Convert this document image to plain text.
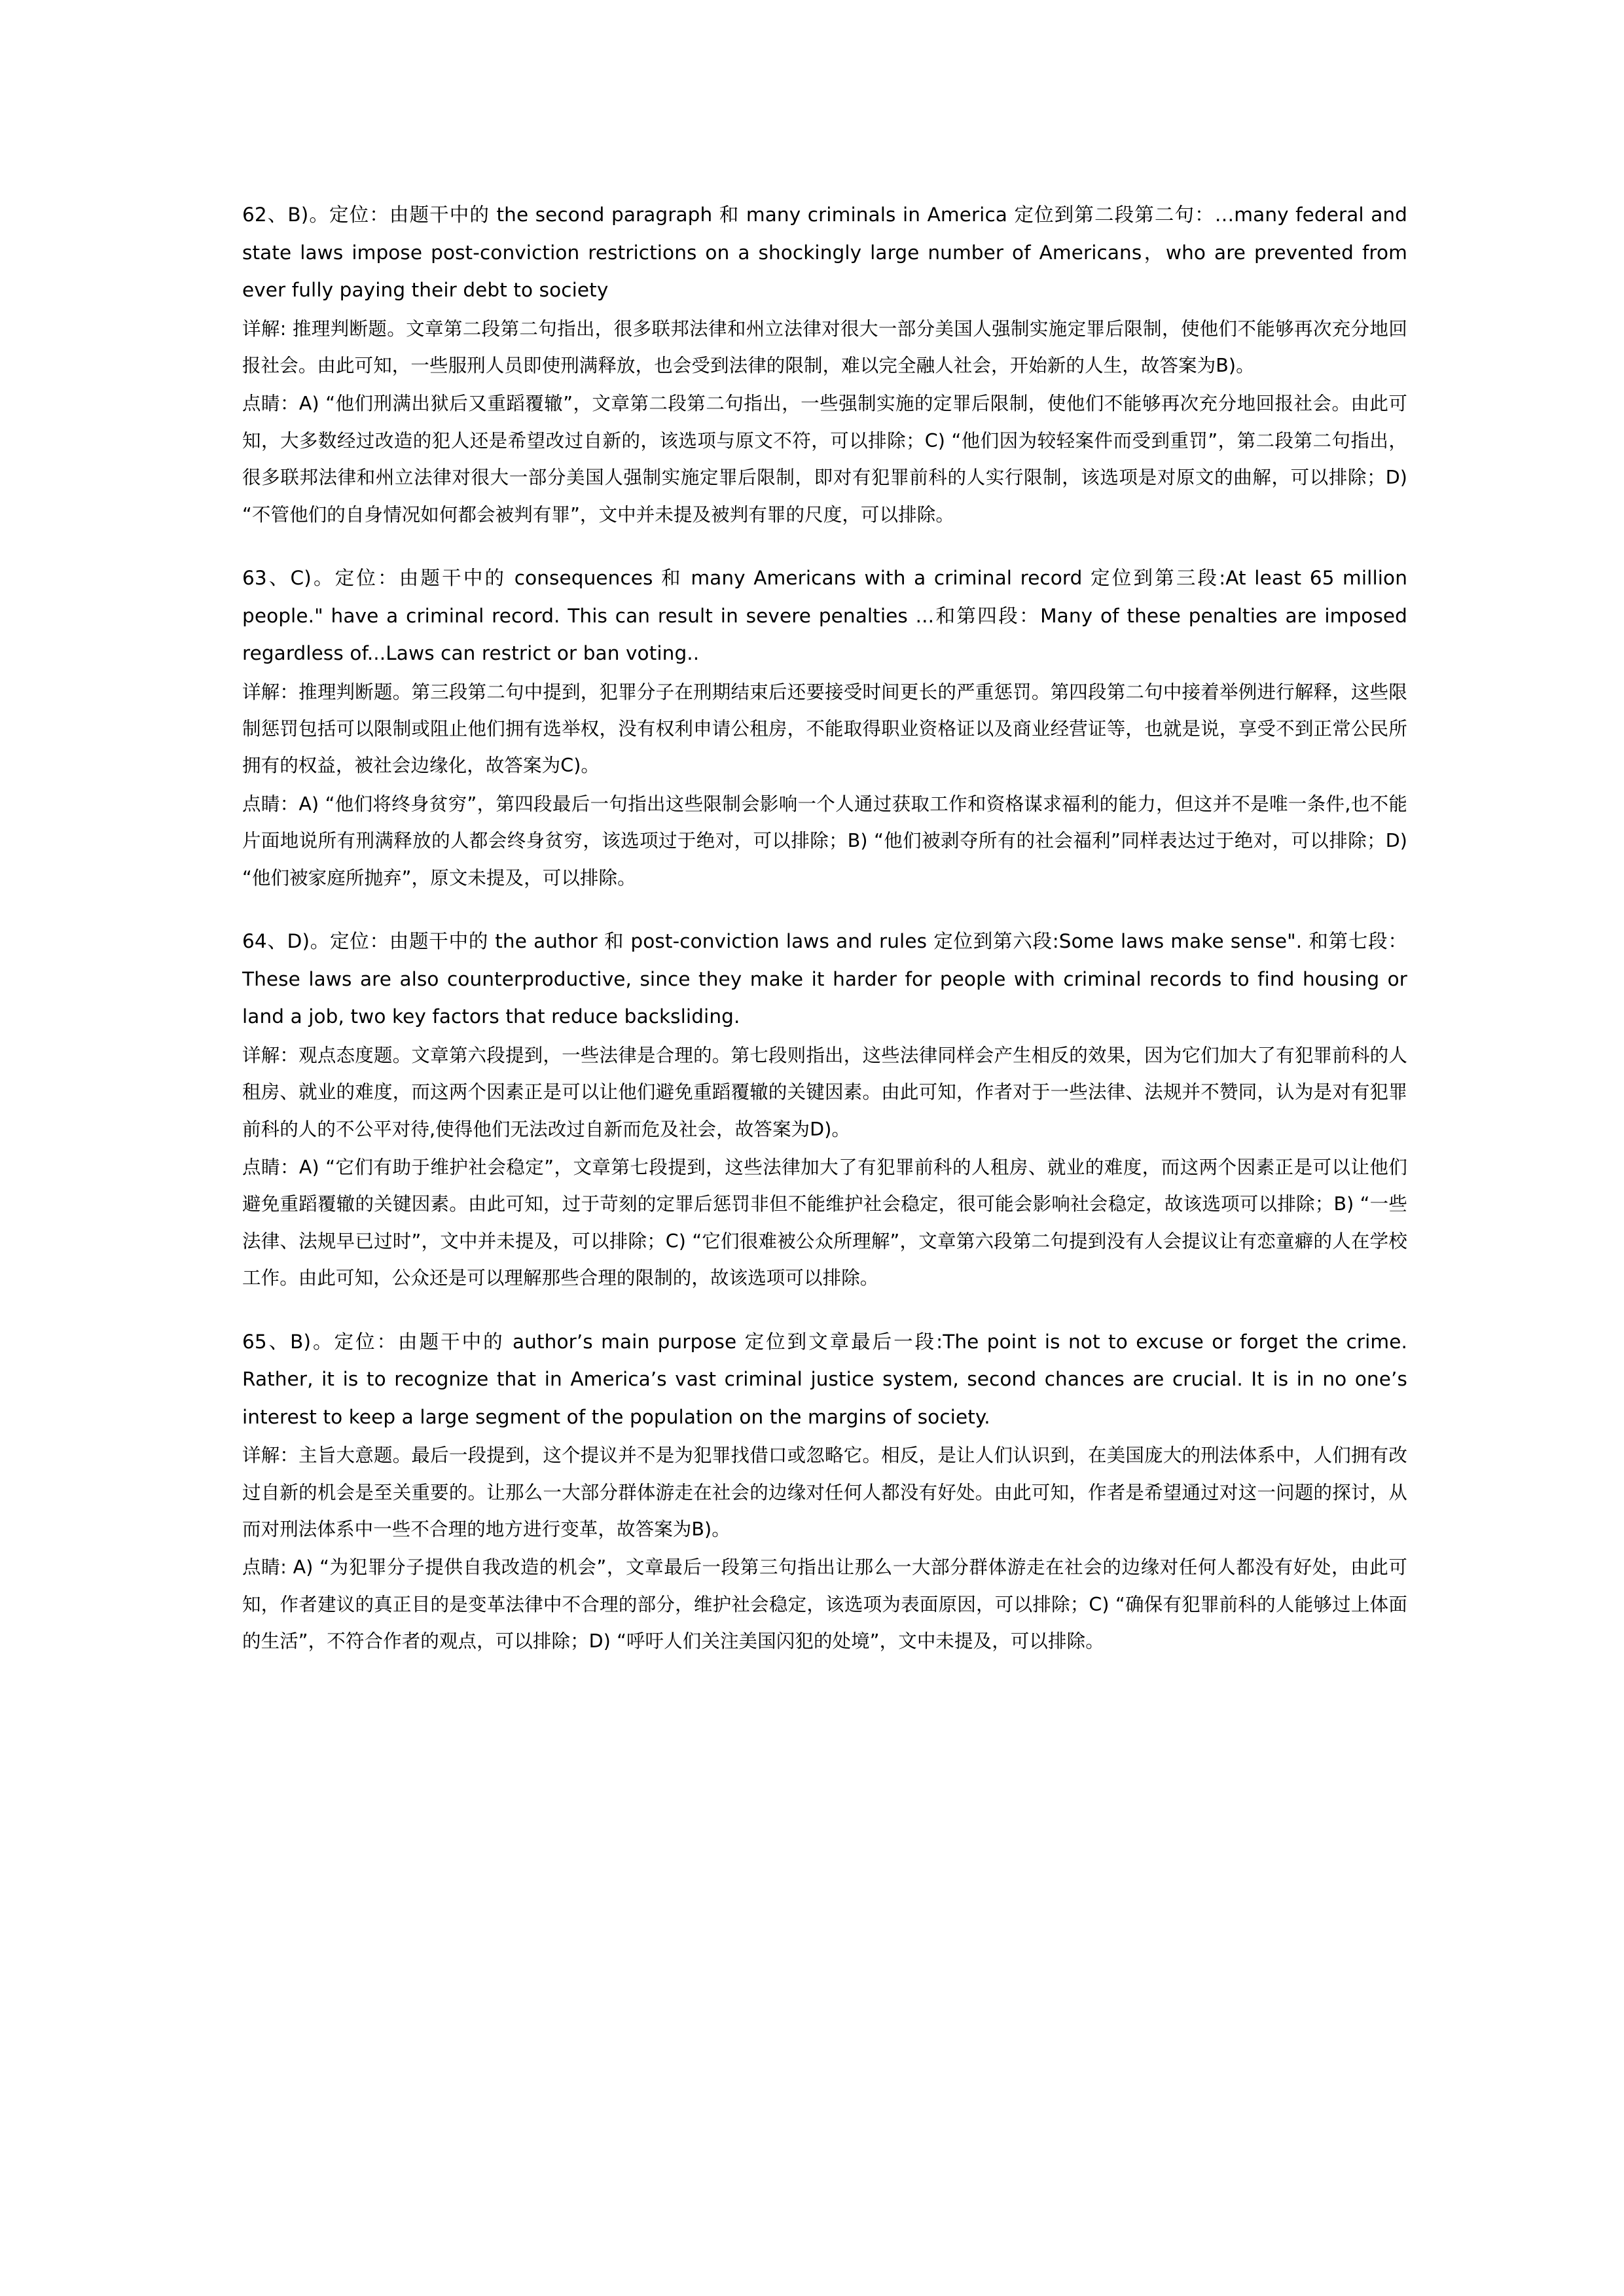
62、B)。定位：由题干中的 the second paragraph 和 many criminals in America 定位到第二段第二句：…many federal and state laws impose post-conviction restrictions on a shockingly large number of Americans，who are prevented from ever fully paying their debt to society

详解: 推理判断题。文章第二段第二句指出，很多联邦法律和州立法律对很大一部分美国人强制实施定罪后限制，使他们不能够再次充分地回报社会。由此可知，一些服刑人员即使刑满释放，也会受到法律的限制，难以完全融人社会，开始新的人生，故答案为B)。

点睛：A) “他们刑满出狱后又重蹈覆辙”，文章第二段第二句指出，一些强制实施的定罪后限制，使他们不能够再次充分地回报社会。由此可知，大多数经过改造的犯人还是希望改过自新的，该选项与原文不符，可以排除；C) “他们因为较轻案件而受到重罚”，第二段第二句指出，很多联邦法律和州立法律对很大一部分美国人强制实施定罪后限制，即对有犯罪前科的人实行限制，该选项是对原文的曲解，可以排除；D) “不管他们的自身情况如何都会被判有罪”，文中并未提及被判有罪的尺度，可以排除。

63、C)。定位：由题干中的 consequences 和 many Americans with a criminal record 定位到第三段:At least 65 million people." have a criminal record. This can result in severe penalties ...和第四段：Many of these penalties are imposed regardless of...Laws can restrict or ban voting..

详解：推理判断题。第三段第二句中提到，犯罪分子在刑期结束后还要接受时间更长的严重惩罚。第四段第二句中接着举例进行解释，这些限制惩罚包括可以限制或阻止他们拥有选举权，没有权利申请公租房，不能取得职业资格证以及商业经营证等，也就是说，享受不到正常公民所拥有的权益，被社会边缘化，故答案为C)。

点睛：A) “他们将终身贫穷”，第四段最后一句指出这些限制会影响一个人通过获取工作和资格谋求福利的能力，但这并不是唯一条件,也不能片面地说所有刑满释放的人都会终身贫穷，该选项过于绝对，可以排除；B) “他们被剥夺所有的社会福利”同样表达过于绝对，可以排除；D) “他们被家庭所抛弃”，原文未提及，可以排除。

64、D)。定位：由题干中的 the author 和 post-conviction laws and rules 定位到第六段:Some laws make sense". 和第七段：These laws are also counterproductive, since they make it harder for people with criminal records to find housing or land a job, two key factors that reduce backsliding.

详解：观点态度题。文章第六段提到，一些法律是合理的。第七段则指出，这些法律同样会产生相反的效果，因为它们加大了有犯罪前科的人租房、就业的难度，而这两个因素正是可以让他们避免重蹈覆辙的关键因素。由此可知，作者对于一些法律、法规并不赞同，认为是对有犯罪前科的人的不公平对待,使得他们无法改过自新而危及社会，故答案为D)。

点睛：A) “它们有助于维护社会稳定”，文章第七段提到，这些法律加大了有犯罪前科的人租房、就业的难度，而这两个因素正是可以让他们避免重蹈覆辙的关键因素。由此可知，过于苛刻的定罪后惩罚非但不能维护社会稳定，很可能会影响社会稳定，故该选项可以排除；B) “一些法律、法规早已过时”，文中并未提及，可以排除；C) “它们很难被公众所理解”，文章第六段第二句提到没有人会提议让有恋童癖的人在学校工作。由此可知，公众还是可以理解那些合理的限制的，故该选项可以排除。

65、B)。定位：由题干中的 author’s main purpose 定位到文章最后一段:The point is not to excuse or forget the crime. Rather, it is to recognize that in America’s vast criminal justice system, second chances are crucial. It is in no one’s interest to keep a large segment of the population on the margins of society.

详解：主旨大意题。最后一段提到，这个提议并不是为犯罪找借口或忽略它。相反，是让人们认识到，在美国庞大的刑法体系中，人们拥有改过自新的机会是至关重要的。让那么一大部分群体游走在社会的边缘对任何人都没有好处。由此可知，作者是希望通过对这一问题的探讨，从而对刑法体系中一些不合理的地方进行变革，故答案为B)。

点睛: A) “为犯罪分子提供自我改造的机会”，文章最后一段第三句指出让那么一大部分群体游走在社会的边缘对任何人都没有好处，由此可知，作者建议的真正目的是变革法律中不合理的部分，维护社会稳定，该选项为表面原因，可以排除；C) “确保有犯罪前科的人能够过上体面的生活”，不符合作者的观点，可以排除；D) “呼吁人们关注美国闪犯的处境”，文中未提及，可以排除。
